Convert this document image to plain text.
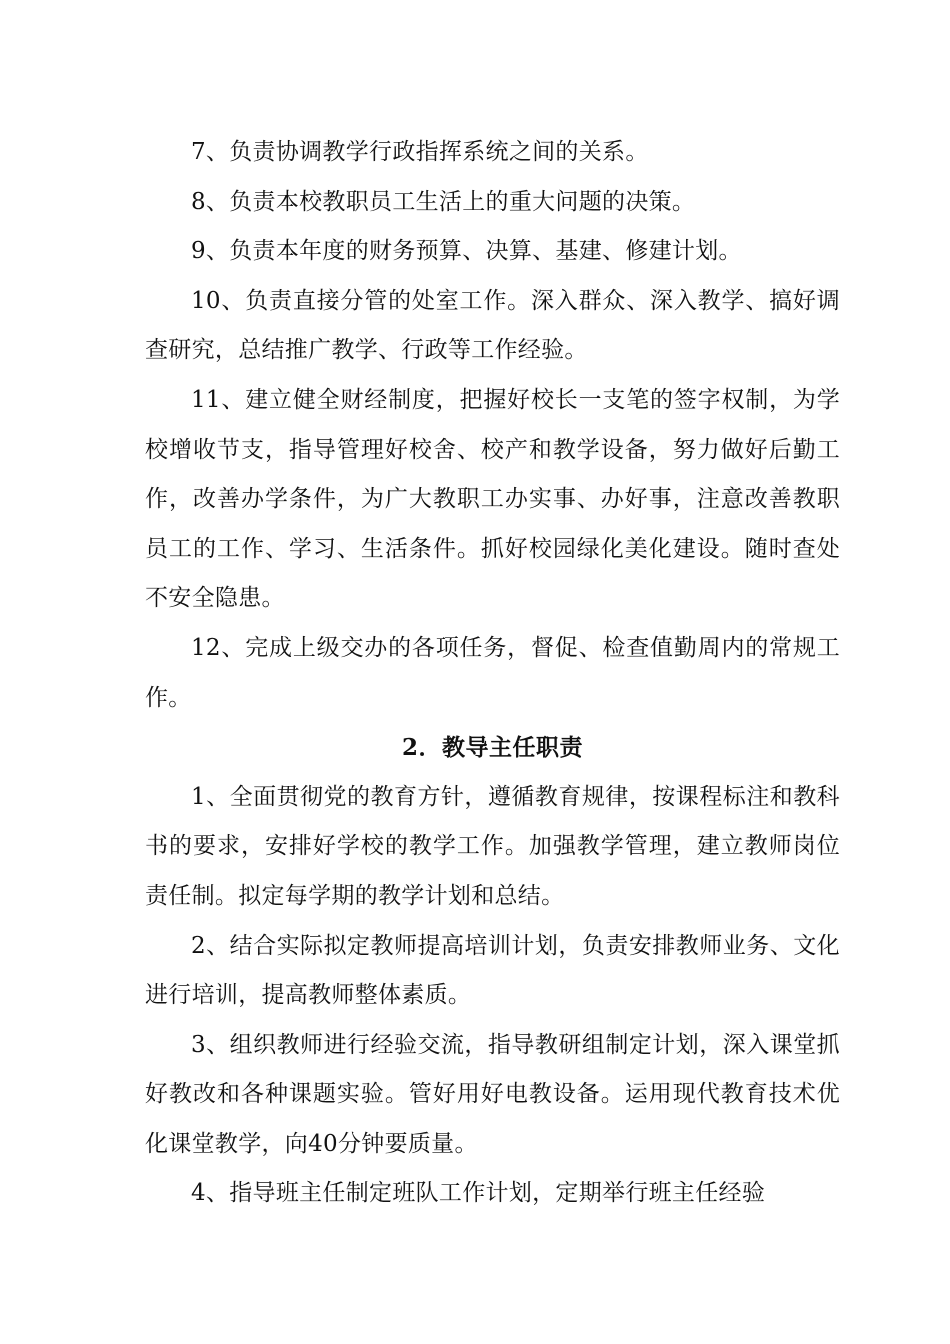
7、负责协调教学行政指挥系统之间的关系。

8、负责本校教职员工生活上的重大问题的决策。

9、负责本年度的财务预算、决算、基建、修建计划。

10、负责直接分管的处室工作。深入群众、深入教学、搞好调查研究，总结推广教学、行政等工作经验。

11、建立健全财经制度，把握好校长一支笔的签字权制，为学校增收节支，指导管理好校舍、校产和教学设备，努力做好后勤工作，改善办学条件，为广大教职工办实事、办好事，注意改善教职员工的工作、学习、生活条件。抓好校园绿化美化建设。随时查处不安全隐患。

12、完成上级交办的各项任务，督促、检查值勤周内的常规工作。

2．教导主任职责

1、全面贯彻党的教育方针，遵循教育规律，按课程标注和教科书的要求，安排好学校的教学工作。加强教学管理，建立教师岗位责任制。拟定每学期的教学计划和总结。

2、结合实际拟定教师提高培训计划，负责安排教师业务、文化进行培训，提高教师整体素质。

3、组织教师进行经验交流，指导教研组制定计划，深入课堂抓好教改和各种课题实验。管好用好电教设备。运用现代教育技术优化课堂教学，向40分钟要质量。

4、指导班主任制定班队工作计划，定期举行班主任经验
